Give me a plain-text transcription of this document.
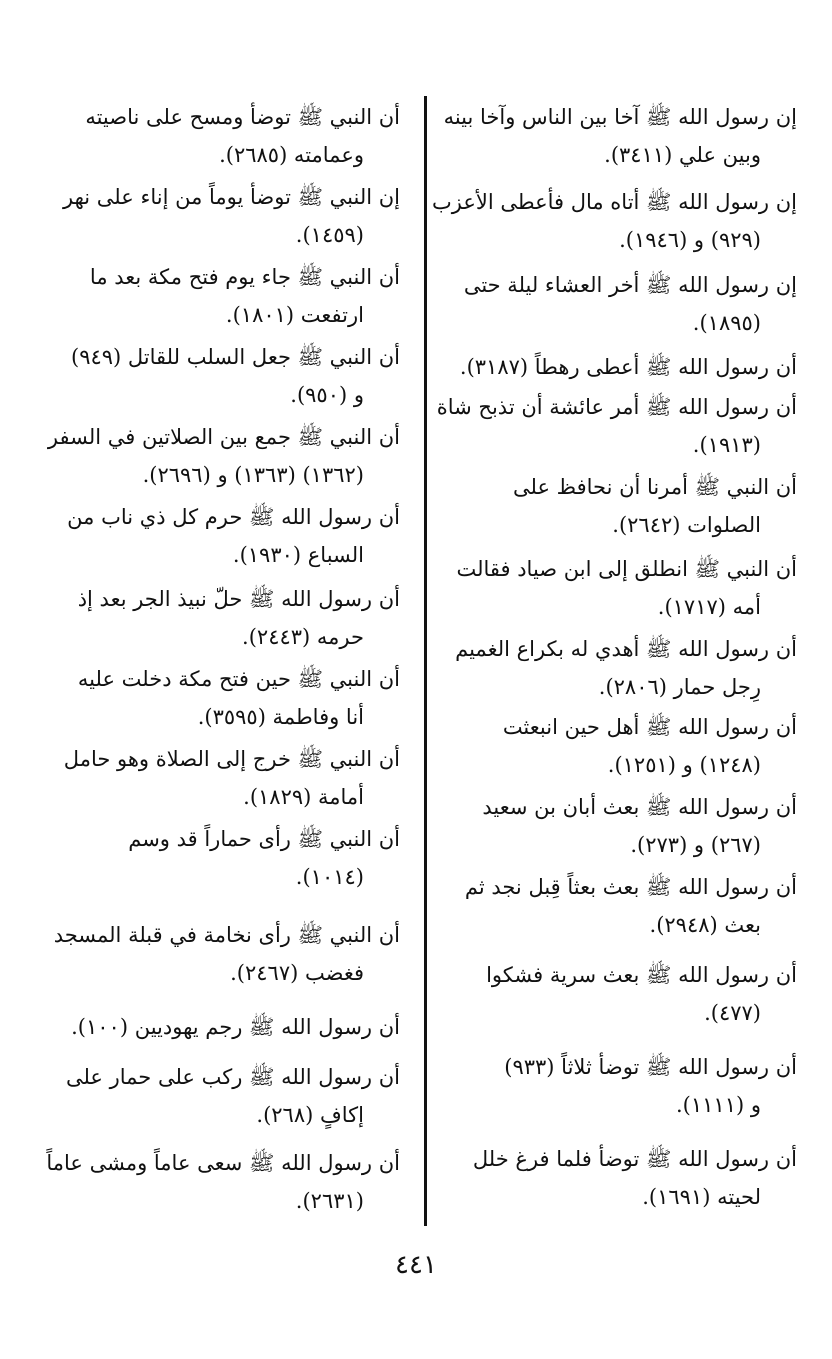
إن رسول الله ﷺ آخا بين الناس وآخا بينه
وبين علي (٣٤١١).
إن رسول الله ﷺ أتاه مال فأعطى الأعزب
(٩٢٩) و (١٩٤٦).
إن رسول الله ﷺ أخر العشاء ليلة حتى
(١٨٩٥).
أن رسول الله ﷺ أعطى رهطاً (٣١٨٧).
أن رسول الله ﷺ أمر عائشة أن تذبح شاة
(١٩١٣).
أن النبي ﷺ أمرنا أن نحافظ على
الصلوات (٢٦٤٢).
أن النبي ﷺ انطلق إلى ابن صياد فقالت
أمه (١٧١٧).
أن رسول الله ﷺ أهدي له بكراع الغميم
رِجل حمار (٢٨٠٦).
أن رسول الله ﷺ أهل حين انبعثت
(١٢٤٨) و (١٢٥١).
أن رسول الله ﷺ بعث أبان بن سعيد
(٢٦٧) و (٢٧٣).
أن رسول الله ﷺ بعث بعثاً قِبل نجد ثم
بعث (٢٩٤٨).
أن رسول الله ﷺ بعث سرية فشكوا
(٤٧٧).
أن رسول الله ﷺ توضأ ثلاثاً (٩٣٣)
و (١١١١).
أن رسول الله ﷺ توضأ فلما فرغ خلل
لحيته (١٦٩١).
أن النبي ﷺ توضأ ومسح على ناصيته
وعمامته (٢٦٨٥).
إن النبي ﷺ توضأ يوماً من إناء على نهر
(١٤٥٩).
أن النبي ﷺ جاء يوم فتح مكة بعد ما
ارتفعت (١٨٠١).
أن النبي ﷺ جعل السلب للقاتل (٩٤٩)
و (٩٥٠).
أن النبي ﷺ جمع بين الصلاتين في السفر
(١٣٦٢) (١٣٦٣) و (٢٦٩٦).
أن رسول الله ﷺ حرم كل ذي ناب من
السباع (١٩٣٠).
أن رسول الله ﷺ حلّ نبيذ الجر بعد إذ
حرمه (٢٤٤٣).
أن النبي ﷺ حين فتح مكة دخلت عليه
أنا وفاطمة (٣٥٩٥).
أن النبي ﷺ خرج إلى الصلاة وهو حامل
أمامة (١٨٢٩).
أن النبي ﷺ رأى حماراً قد وسم
(١٠١٤).
أن النبي ﷺ رأى نخامة في قبلة المسجد
فغضب (٢٤٦٧).
أن رسول الله ﷺ رجم يهوديين (١٠٠).
أن رسول الله ﷺ ركب على حمار على
إكافٍ (٢٦٨).
أن رسول الله ﷺ سعى عاماً ومشى عاماً
(٢٦٣١).
٤٤١
